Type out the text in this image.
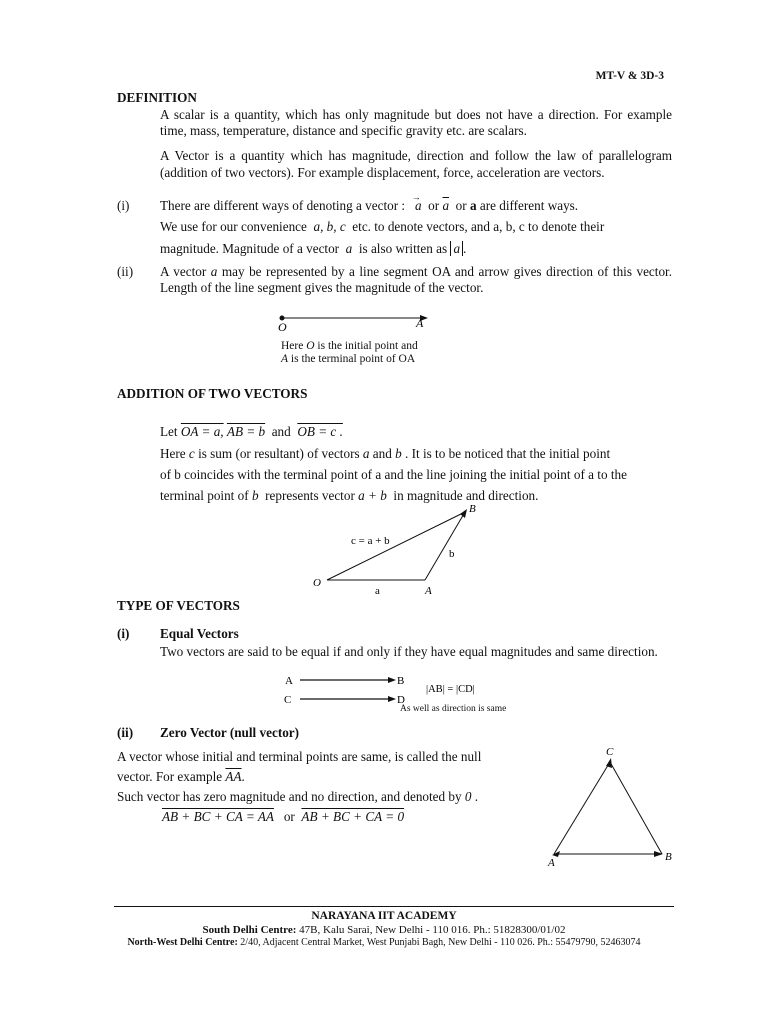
MT-V & 3D-3
DEFINITION
A scalar is a quantity, which has only magnitude but does not have a direction. For example time, mass, temperature, distance and specific gravity etc. are scalars.
A Vector is a quantity which has magnitude, direction and follow the law of parallelogram (addition of two vectors). For example displacement, force, acceleration are vectors.
(i) There are different ways of denoting a vector : a
→
or $\overline{a}$ or a are different ways.
We use for our convenience a, b, c etc. to denote vectors, and a, b, c to denote their
magnitude. Magnitude of a vector a is also written as a .
(ii) A vector a may be represented by a line segment OA and arrow gives direction of this vector. Length of the line segment gives the magnitude of the vector.
O	A
Here O is the initial point and
A is the terminal point of OA
ADDITION OF TWO VECTORS
Let OA = a, AB = b and OB = c .
Here c is sum (or resultant) of vectors a and b . It is to be noticed that the initial point
of b coincides with the terminal point of a and the line joining the initial point of a to the
terminal point of b represents vector a + b in magnitude and direction.
B
O
A
c = a + b
b
a
TYPE OF VECTORS
(i) Equal Vectors
Two vectors are said to be equal if and only if they have equal magnitudes and same direction.
A	B
C	D
|AB| = |CD|
As well as direction is same
(ii) Zero Vector (null vector)
A vector whose initial and terminal points are same, is called the null
vector. For example $\overline{AA}$.
Such vector has zero magnitude and no direction, and denoted by 0 .
AB + BC + CA = AA or AB + BC + CA = 0
C
A	B
NARAYANA IIT ACADEMY
South Delhi Centre: 47B, Kalu Sarai, New Delhi - 110 016. Ph.: 51828300/01/02
North-West Delhi Centre: 2/40, Adjacent Central Market, West Punjabi Bagh, New Delhi - 110 026. Ph.: 55479790, 52463074
